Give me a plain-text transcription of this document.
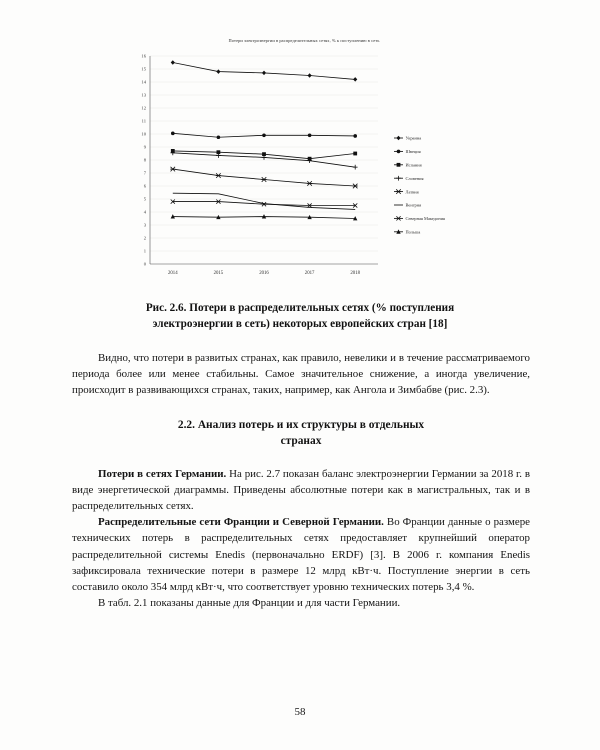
Потери электроэнергии в распределительных сетях, % к поступлению в сеть
0
1
2
3
4
5
6
7
8
9
10
11
12
13
14
15
16
2014	2015	2016	2017	2018
Украина
Швеция
Испания
Словения
Латвия
Венгрия
Северная Македония
Польша
Рис. 2.6. Потери в распределительных сетях (% поступления
электроэнергии в сеть) некоторых европейских стран [18]

Видно, что потери в развитых странах, как правило, невелики и в течение рассматриваемого периода более или менее стабильны. Самое значительное снижение, а иногда увеличение, происходит в развивающихся странах, таких, например, как Ангола и Зимбабве (рис. 2.3).

2.2. Анализ потерь и их структуры в отдельных
странах

Потери в сетях Германии. На рис. 2.7 показан баланс электроэнергии Германии за 2018 г. в виде энергетической диаграммы. Приведены абсолютные потери как в магистральных, так и в распределительных сетях.

Распределительные сети Франции и Северной Германии. Во Франции данные о размере технических потерь в распределительных сетях предоставляет крупнейший оператор распределительной системы Enedis (первоначально ERDF) [3]. В 2006 г. компания Enedis зафиксировала технические потери в размере 12 млрд кВт·ч. Поступление энергии в сеть составило около 354 млрд кВт·ч, что соответствует уровню технических потерь 3,4 %.

В табл. 2.1 показаны данные для Франции и для части Германии.

58
